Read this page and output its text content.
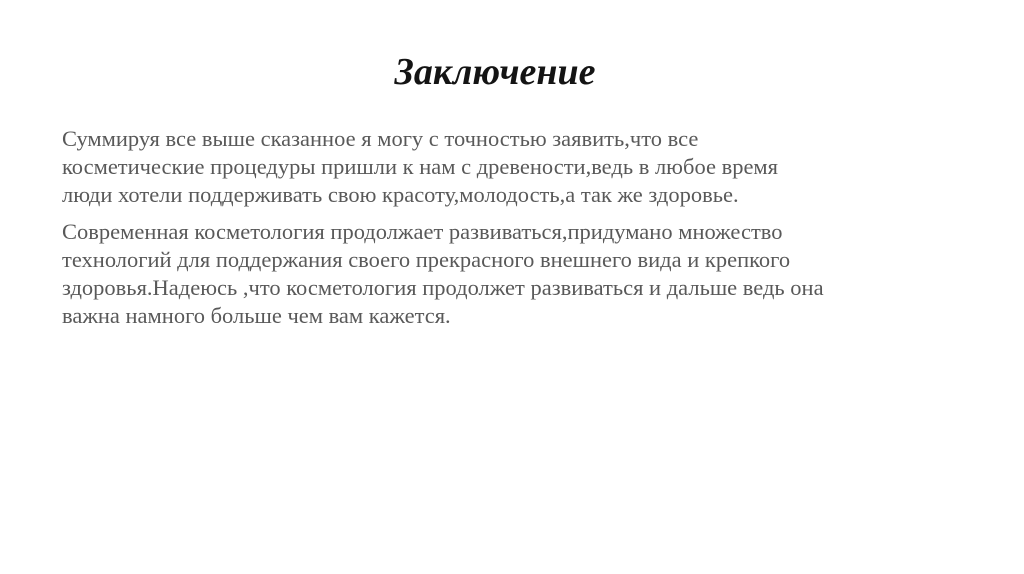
Заключение

Суммируя все выше сказанное я могу с точностью заявить,что все
косметические процедуры пришли к нам с древености,ведь в любое время
люди хотели поддерживать свою красоту,молодость,а так же здоровье.

Современная косметология продолжает развиваться,придумано множество
технологий для поддержания своего прекрасного внешнего вида и крепкого
здоровья.Надеюсь ,что косметология продолжет развиваться и дальше ведь она
важна намного больше чем вам кажется.
